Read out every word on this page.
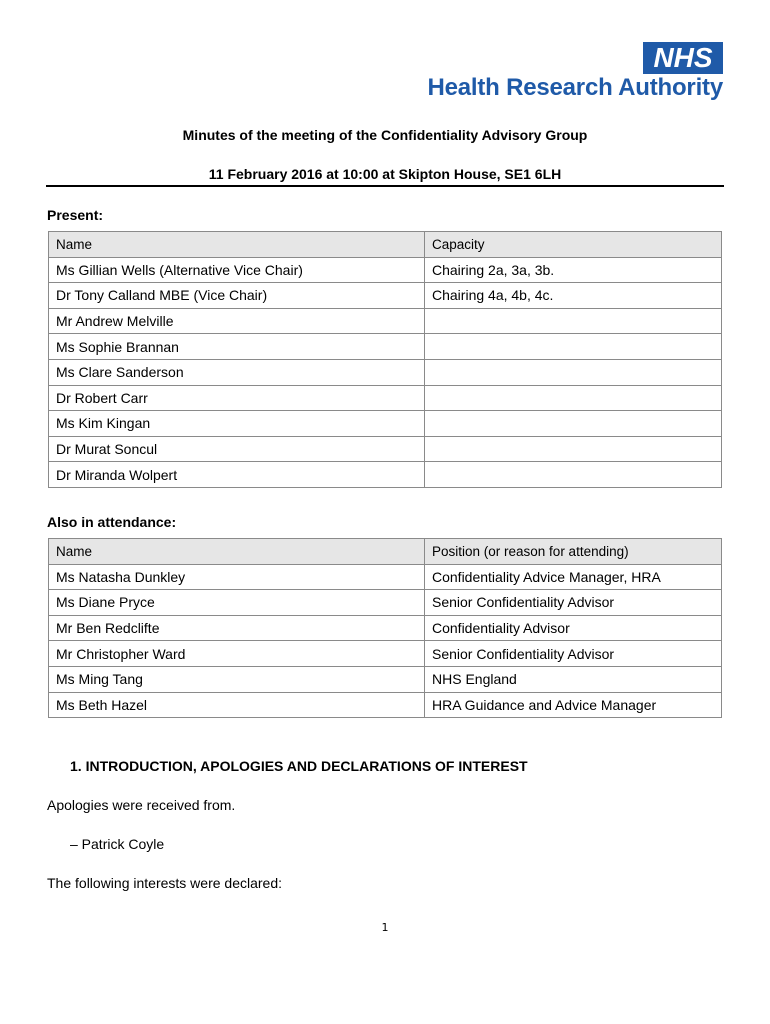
NHS
Health Research Authority
Minutes of the meeting of the Confidentiality Advisory Group
11 February 2016 at 10:00 at Skipton House, SE1 6LH
Present:
Name	Capacity
Ms Gillian Wells (Alternative Vice Chair)	Chairing 2a, 3a, 3b.
Dr Tony Calland MBE (Vice Chair)	Chairing 4a, 4b, 4c.
Mr Andrew Melville	
Ms Sophie Brannan	
Ms Clare Sanderson	
Dr Robert Carr	
Ms Kim Kingan	
Dr Murat Soncul	
Dr Miranda Wolpert	
Also in attendance:
Name	Position (or reason for attending)
Ms Natasha Dunkley	Confidentiality Advice Manager, HRA
Ms Diane Pryce	Senior Confidentiality Advisor
Mr Ben Redclifte	Confidentiality Advisor
Mr Christopher Ward	Senior Confidentiality Advisor
Ms Ming Tang	NHS England
Ms Beth Hazel	HRA Guidance and Advice Manager
1. INTRODUCTION, APOLOGIES AND DECLARATIONS OF INTEREST
Apologies were received from.
– Patrick Coyle
The following interests were declared:
1
